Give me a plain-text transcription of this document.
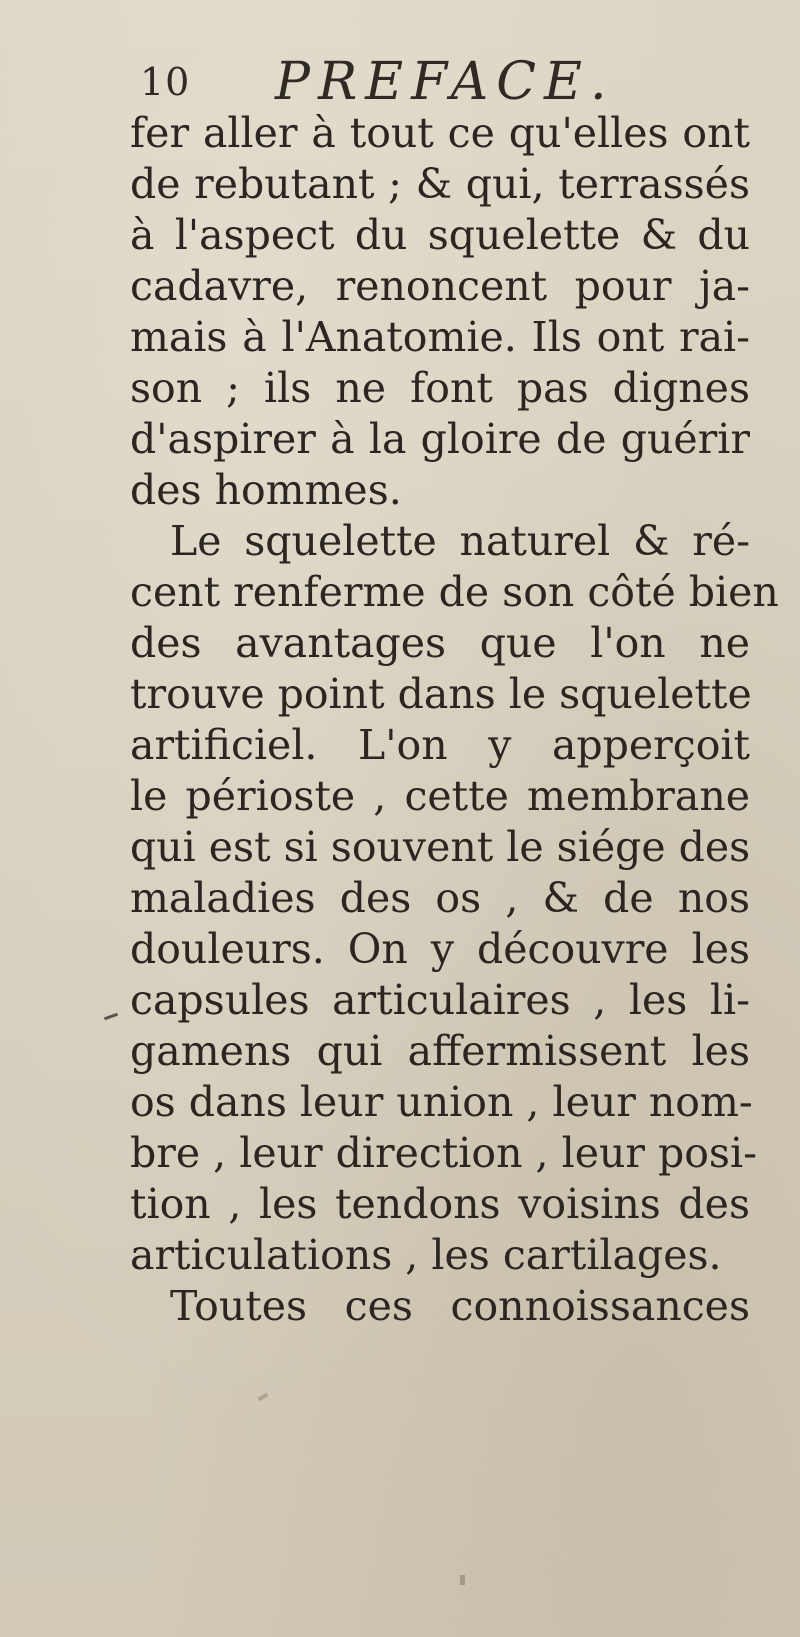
10 PREFACE.
fer aller à tout ce qu'elles ont
de rebutant ; & qui, terrassés
à l'aspect du squelette & du
cadavre, renoncent pour ja-
mais à l'Anatomie. Ils ont rai-
son ; ils ne font pas dignes
d'aspirer à la gloire de guérir
des hommes.
Le squelette naturel & ré-
cent renferme de son côté bien
des avantages que l'on ne
trouve point dans le squelette
artificiel. L'on y apperçoit
le périoste , cette membrane
qui est si souvent le siége des
maladies des os , & de nos
douleurs. On y découvre les
capsules articulaires , les li-
gamens qui affermissent les
os dans leur union , leur nom-
bre , leur direction , leur posi-
tion , les tendons voisins des
articulations , les cartilages.
Toutes ces connoissances
